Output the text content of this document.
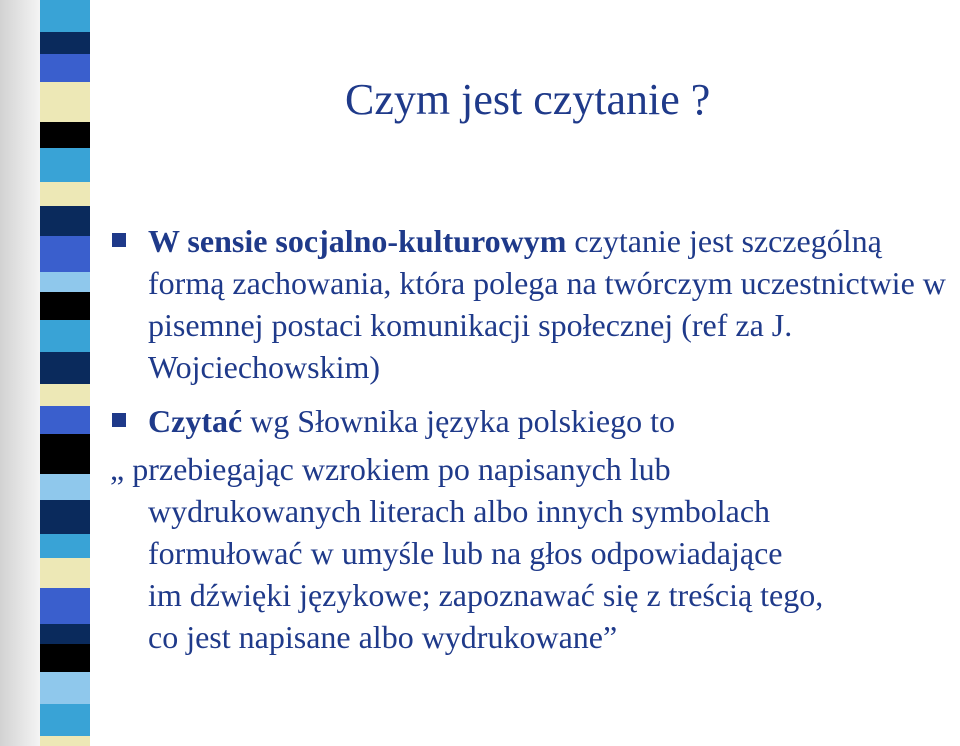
Czym jest czytanie ?

W sensie socjalno-kulturowym czytanie jest szczególną formą zachowania, która polega na twórczym uczestnictwie w pisemnej postaci komunikacji społecznej (ref za J. Wojciechowskim)

Czytać wg Słownika języka polskiego to

„ przebiegając wzrokiem po napisanych lub
wydrukowanych literach albo innych symbolach
formułować w umyśle lub na głos odpowiadające
im dźwięki językowe; zapoznawać się z treścią tego,
co jest napisane albo wydrukowane”
